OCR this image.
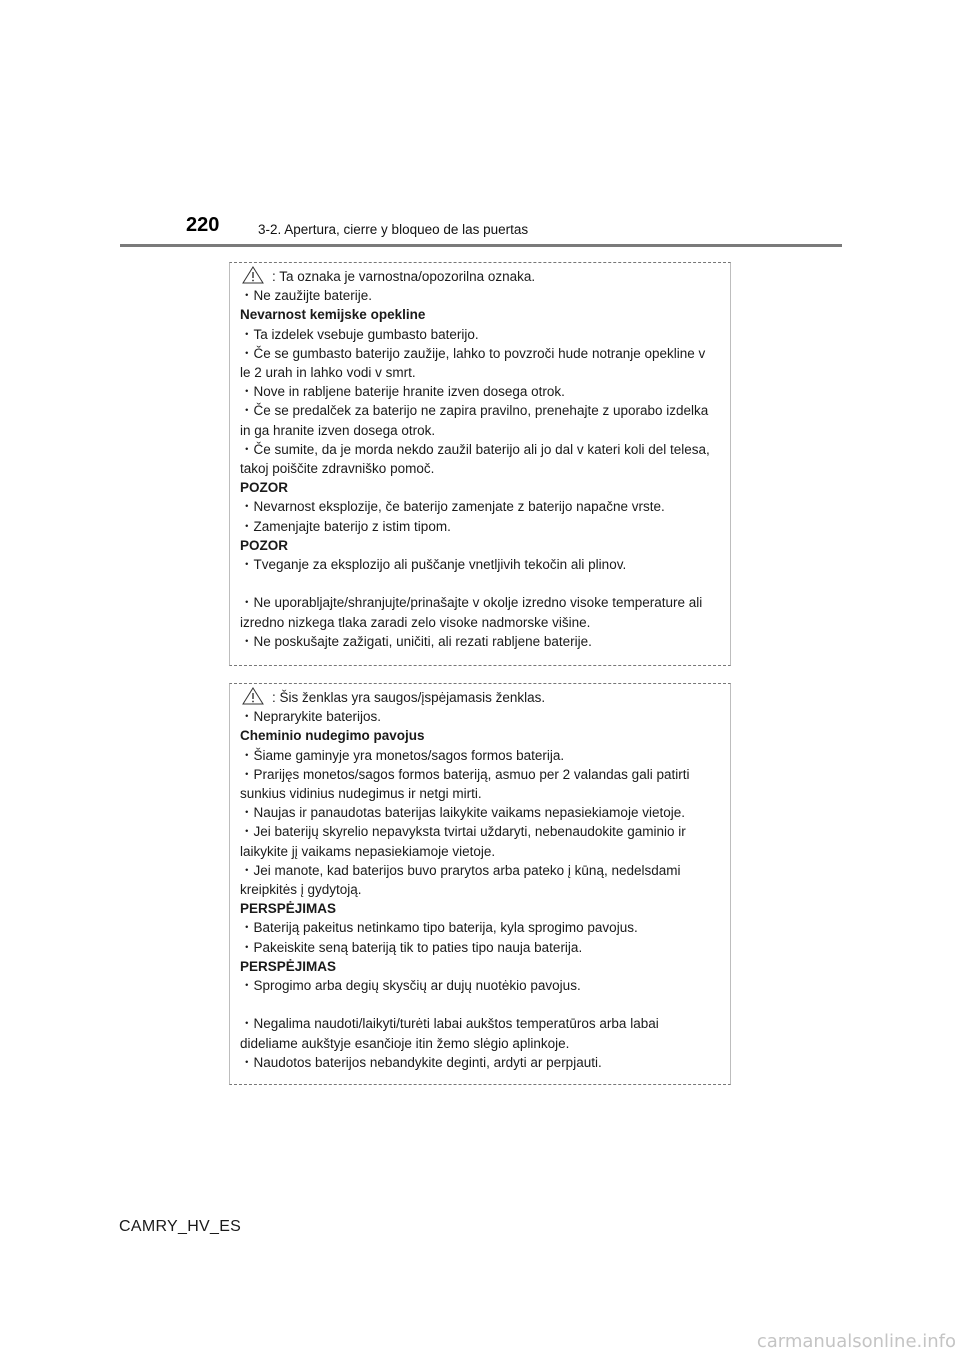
220	3-2. Apertura, cierre y bloqueo de las puertas
: Ta oznaka je varnostna/opozorilna oznaka.
・Ne zaužijte baterije.
Nevarnost kemijske opekline
・Ta izdelek vsebuje gumbasto baterijo.
・Če se gumbasto baterijo zaužije, lahko to povzroči hude notranje opekline v
le 2 urah in lahko vodi v smrt.
・Nove in rabljene baterije hranite izven dosega otrok.
・Če se predalček za baterijo ne zapira pravilno, prenehajte z uporabo izdelka
in ga hranite izven dosega otrok.
・Če sumite, da je morda nekdo zaužil baterijo ali jo dal v kateri koli del telesa,
takoj poiščite zdravniško pomoč.
POZOR
・Nevarnost eksplozije, če baterijo zamenjate z baterijo napačne vrste.
・Zamenjajte baterijo z istim tipom.
POZOR
・Tveganje za eksplozijo ali puščanje vnetljivih tekočin ali plinov.
・Ne uporabljajte/shranjujte/prinašajte v okolje izredno visoke temperature ali
izredno nizkega tlaka zaradi zelo visoke nadmorske višine.
・Ne poskušajte zažigati, uničiti, ali rezati rabljene baterije.
: Šis ženklas yra saugos/įspėjamasis ženklas.
・Neprarykite baterijos.
Cheminio nudegimo pavojus
・Šiame gaminyje yra monetos/sagos formos baterija.
・Prarijęs monetos/sagos formos bateriją, asmuo per 2 valandas gali patirti
sunkius vidinius nudegimus ir netgi mirti.
・Naujas ir panaudotas baterijas laikykite vaikams nepasiekiamoje vietoje.
・Jei baterijų skyrelio nepavyksta tvirtai uždaryti, nebenaudokite gaminio ir
laikykite jį vaikams nepasiekiamoje vietoje.
・Jei manote, kad baterijos buvo prarytos arba pateko į kūną, nedelsdami
kreipkitės į gydytoją.
PERSPĖJIMAS
・Bateriją pakeitus netinkamo tipo baterija, kyla sprogimo pavojus.
・Pakeiskite seną bateriją tik to paties tipo nauja baterija.
PERSPĖJIMAS
・Sprogimo arba degių skysčių ar dujų nuotėkio pavojus.
・Negalima naudoti/laikyti/turėti labai aukštos temperatūros arba labai
dideliame aukštyje esančioje itin žemo slėgio aplinkoje.
・Naudotos baterijos nebandykite deginti, ardyti ar perpjauti.
CAMRY_HV_ES
carmanualsonline.info
